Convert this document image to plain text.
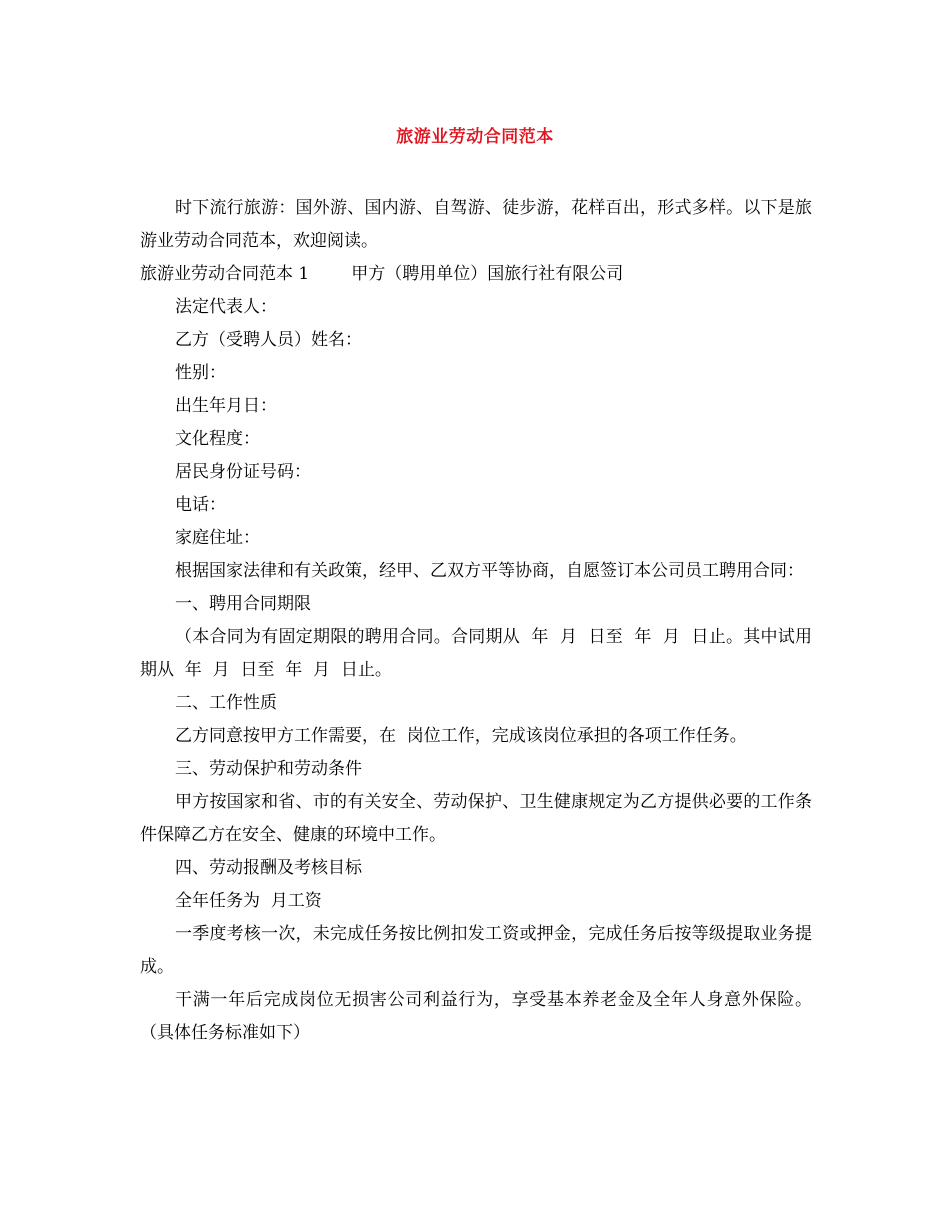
旅游业劳动合同范本

时下流行旅游：国外游、国内游、自驾游、徒步游，花样百出，形式多样。以下是旅游业劳动合同范本，欢迎阅读。

旅游业劳动合同范本 1 甲方（聘用单位）国旅行社有限公司

法定代表人：

乙方（受聘人员）姓名：

性别：

出生年月日：

文化程度：

居民身份证号码：

电话：

家庭住址：

根据国家法律和有关政策，经甲、乙双方平等协商，自愿签订本公司员工聘用合同：

一、聘用合同期限

（本合同为有固定期限的聘用合同。合同期从  年  月  日至  年  月  日止。其中试用期从  年  月  日至  年  月  日止。

二、工作性质

乙方同意按甲方工作需要，在  岗位工作，完成该岗位承担的各项工作任务。

三、劳动保护和劳动条件

甲方按国家和省、市的有关安全、劳动保护、卫生健康规定为乙方提供必要的工作条件保障乙方在安全、健康的环境中工作。

四、劳动报酬及考核目标

全年任务为  月工资

一季度考核一次，未完成任务按比例扣发工资或押金，完成任务后按等级提取业务提成。

干满一年后完成岗位无损害公司利益行为，享受基本养老金及全年人身意外保险。（具体任务标准如下）
